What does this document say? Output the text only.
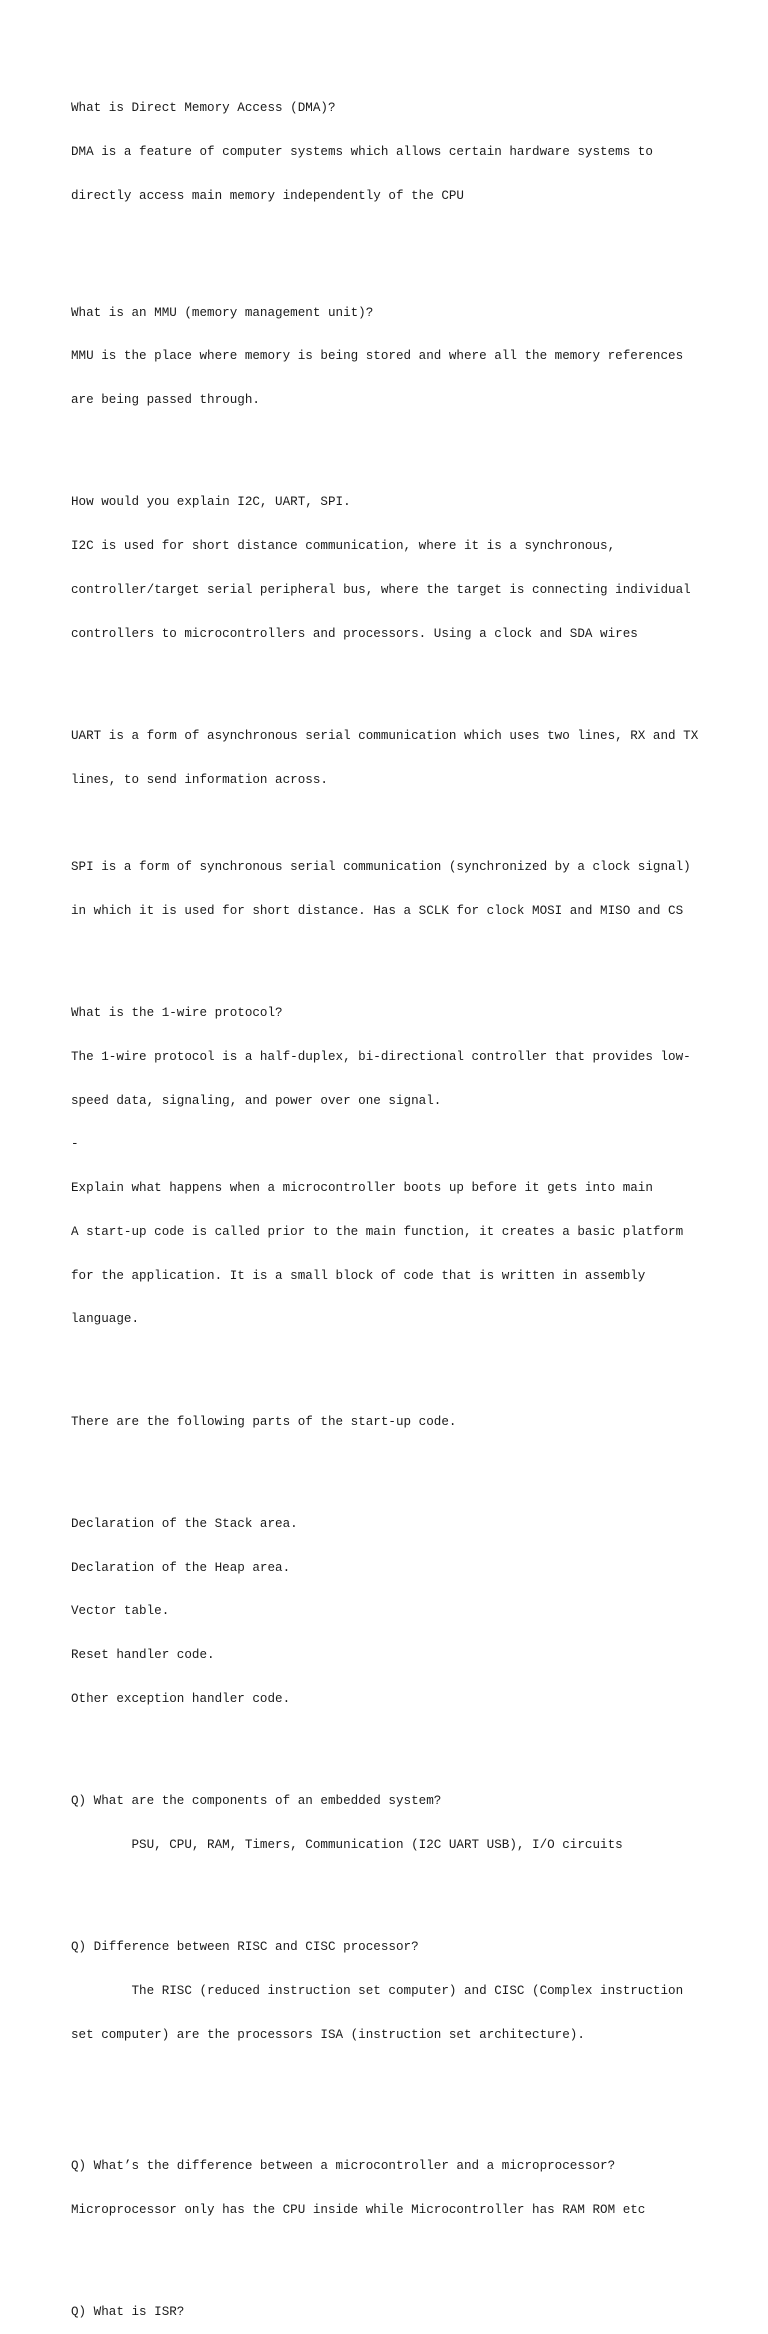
What is Direct Memory Access (DMA)?

DMA is a feature of computer systems which allows certain hardware systems to

directly access main memory independently of the CPU

What is an MMU (memory management unit)?

MMU is the place where memory is being stored and where all the memory references

are being passed through.

How would you explain I2C, UART, SPI.

I2C is used for short distance communication, where it is a synchronous,

controller/target serial peripheral bus, where the target is connecting individual

controllers to microcontrollers and processors. Using a clock and SDA wires

UART is a form of asynchronous serial communication which uses two lines, RX and TX

lines, to send information across.

SPI is a form of synchronous serial communication (synchronized by a clock signal)

in which it is used for short distance. Has a SCLK for clock MOSI and MISO and CS

What is the 1-wire protocol?

The 1-wire protocol is a half-duplex, bi-directional controller that provides low-

speed data, signaling, and power over one signal.

-

Explain what happens when a microcontroller boots up before it gets into main

A start-up code is called prior to the main function, it creates a basic platform

for the application. It is a small block of code that is written in assembly

language.

There are the following parts of the start-up code.

Declaration of the Stack area.

Declaration of the Heap area.

Vector table.

Reset handler code.

Other exception handler code.

Q) What are the components of an embedded system?

PSU, CPU, RAM, Timers, Communication (I2C UART USB), I/O circuits

Q) Difference between RISC and CISC processor?

The RISC (reduced instruction set computer) and CISC (Complex instruction

set computer) are the processors ISA (instruction set architecture).

Q) What’s the difference between a microcontroller and a microprocessor?

Microprocessor only has the CPU inside while Microcontroller has RAM ROM etc

Q) What is ISR?
